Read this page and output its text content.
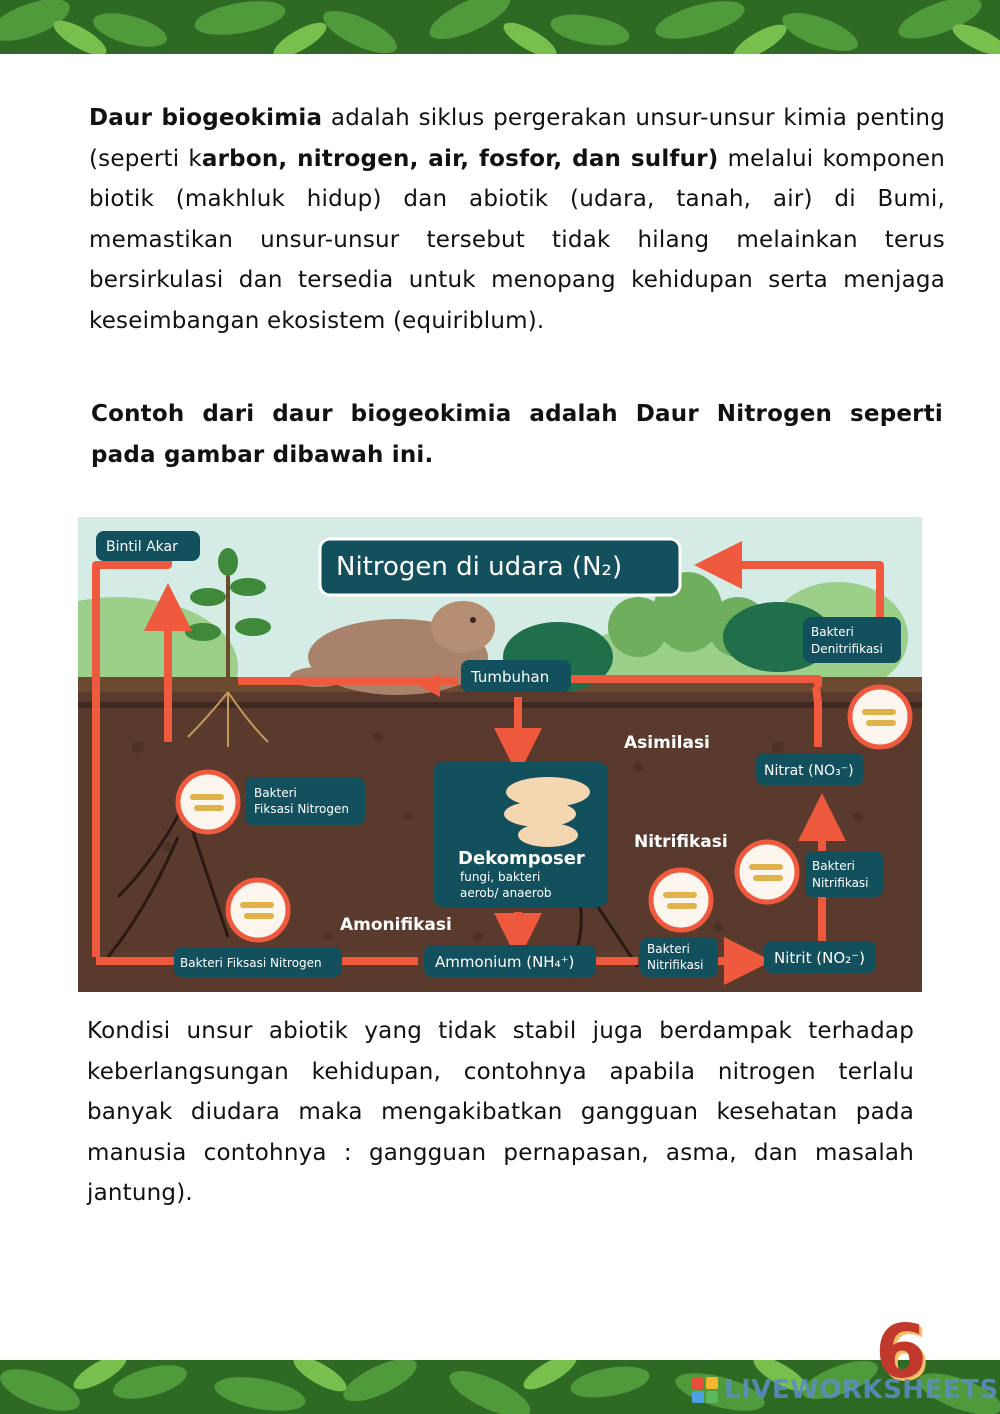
Daur biogeokimia adalah siklus pergerakan unsur-unsur kimia penting (seperti karbon, nitrogen, air, fosfor, dan sulfur) melalui komponen biotik (makhluk hidup) dan abiotik (udara, tanah, air) di Bumi, memastikan unsur-unsur tersebut tidak hilang melainkan terus bersirkulasi dan tersedia untuk menopang kehidupan serta menjaga keseimbangan ekosistem (equiriblum).

Contoh dari daur biogeokimia adalah Daur Nitrogen seperti pada gambar dibawah ini.

Dekomposer
fungi, bakteri
aerob/ anaerob
Nitrogen di udara (N₂)
Bintil Akar
Tumbuhan
Bakteri
Denitrifikasi
Bakteri
Fiksasi Nitrogen
Nitrat (NO₃⁻)
Bakteri
Nitrifikasi
Bakteri Fiksasi Nitrogen	Ammonium (NH₄⁺)
Bakteri
Nitrifikasi	Nitrit (NO₂⁻)
Asimilasi
Nitrifikasi
Amonifikasi

Kondisi unsur abiotik yang tidak stabil juga berdampak terhadap keberlangsungan kehidupan, contohnya apabila nitrogen terlalu banyak diudara maka mengakibatkan gangguan kesehatan pada manusia contohnya : gangguan pernapasan, asma, dan masalah jantung).

6
LIVEWORKSHEETS
